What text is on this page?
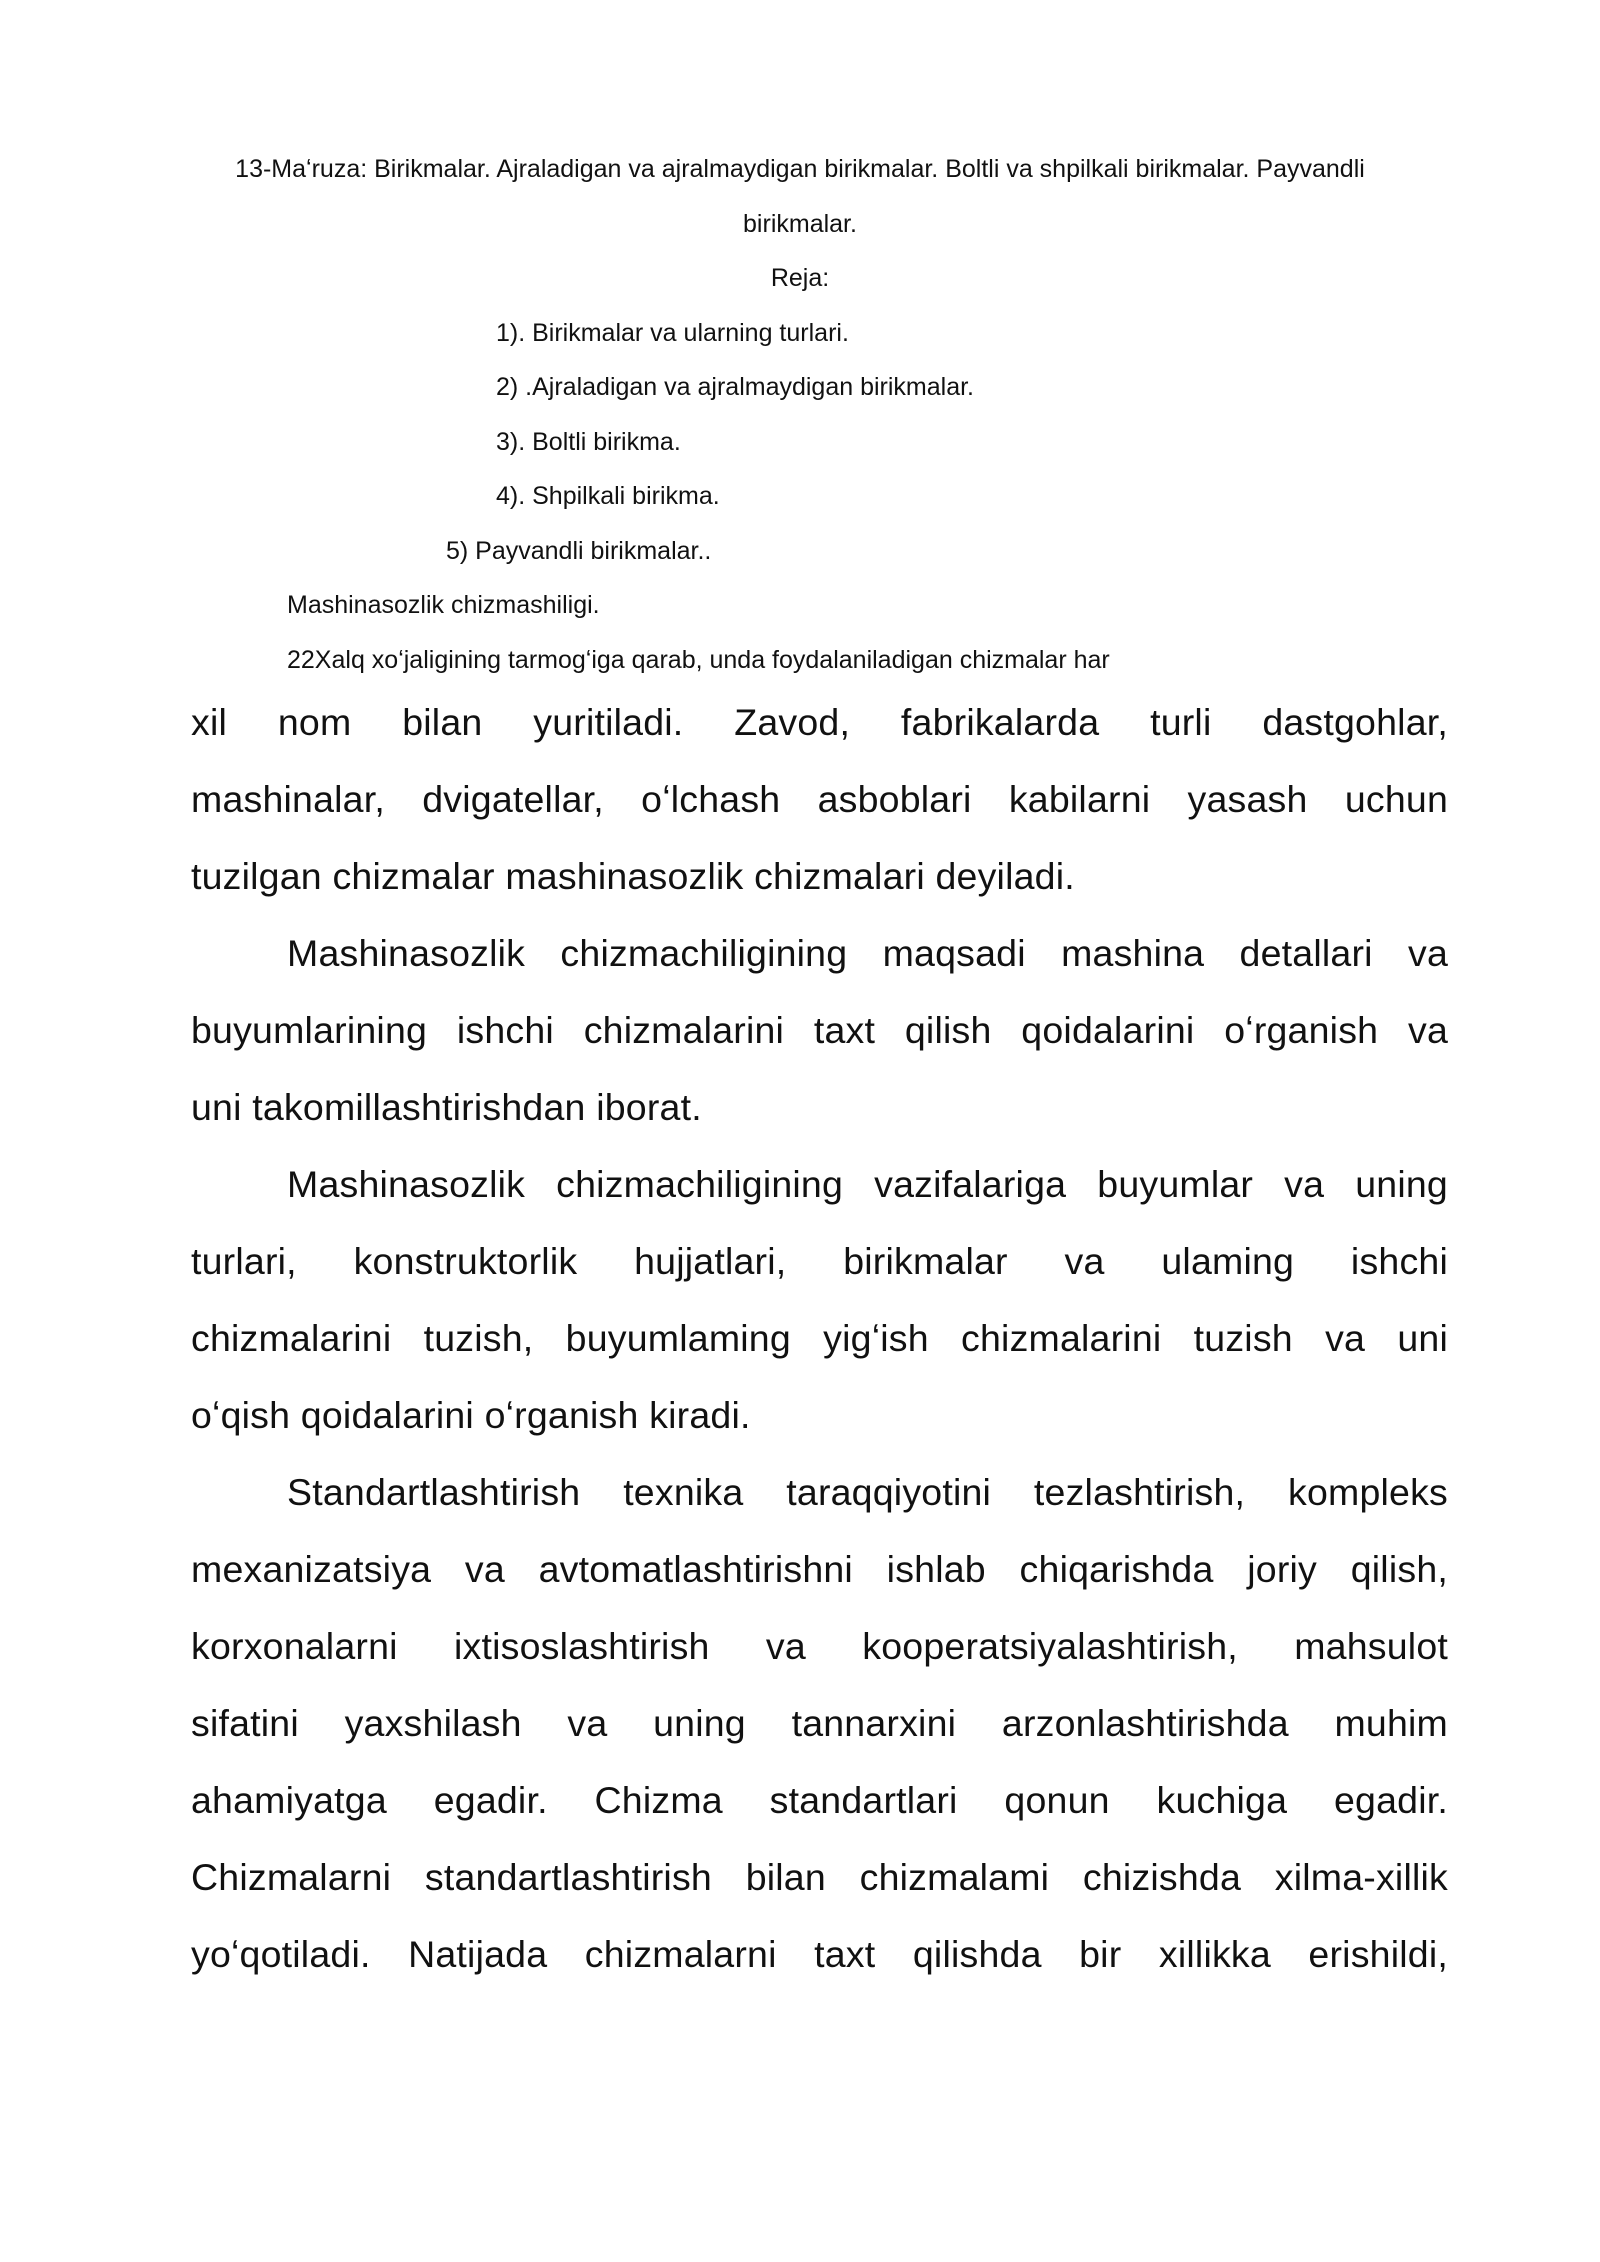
13-Maʻruza: Birikmalar. Ajraladigan va ajralmaydigan birikmalar. Boltli va shpilkali birikmalar. Payvandli
birikmalar.
Reja:
1). Birikmalar va ularning turlari.
2) .Ajraladigan va ajralmaydigan birikmalar.
3). Boltli birikma.
4). Shpilkali birikma.
5) Payvandli birikmalar..
Mashinasozlik chizmashiligi.
22Xalq xoʻjaligining tarmogʻiga qarab, unda foydalaniladigan chizmalar har
xil nom bilan yuritiladi. Zavod, fabrikalarda turli dastgohlar,
mashinalar, dvigatellar, oʻlchash asboblari kabilarni yasash uchun
tuzilgan chizmalar mashinasozlik chizmalari deyiladi.
Mashinasozlik chizmachiligining maqsadi mashina detallari va
buyumlarining ishchi chizmalarini taxt qilish qoidalarini oʻrganish va
uni takomillashtirishdan iborat.
Mashinasozlik chizmachiligining vazifalariga buyumlar va uning
turlari, konstruktorlik hujjatlari, birikmalar va ulaming ishchi
chizmalarini tuzish, buyumlaming yigʻish chizmalarini tuzish va uni
oʻqish qoidalarini oʻrganish kiradi.
Standartlashtirish texnika taraqqiyotini tezlashtirish, kompleks
mexanizatsiya va avtomatlashtirishni ishlab chiqarishda joriy qilish,
korxonalarni ixtisoslashtirish va kooperatsiyalashtirish, mahsulot
sifatini yaxshilash va uning tannarxini arzonlashtirishda muhim
ahamiyatga egadir. Chizma standartlari qonun kuchiga egadir.
Chizmalarni standartlashtirish bilan chizmalami chizishda xilma-xillik
yoʻqotiladi. Natijada chizmalarni taxt qilishda bir xillikka erishildi,
